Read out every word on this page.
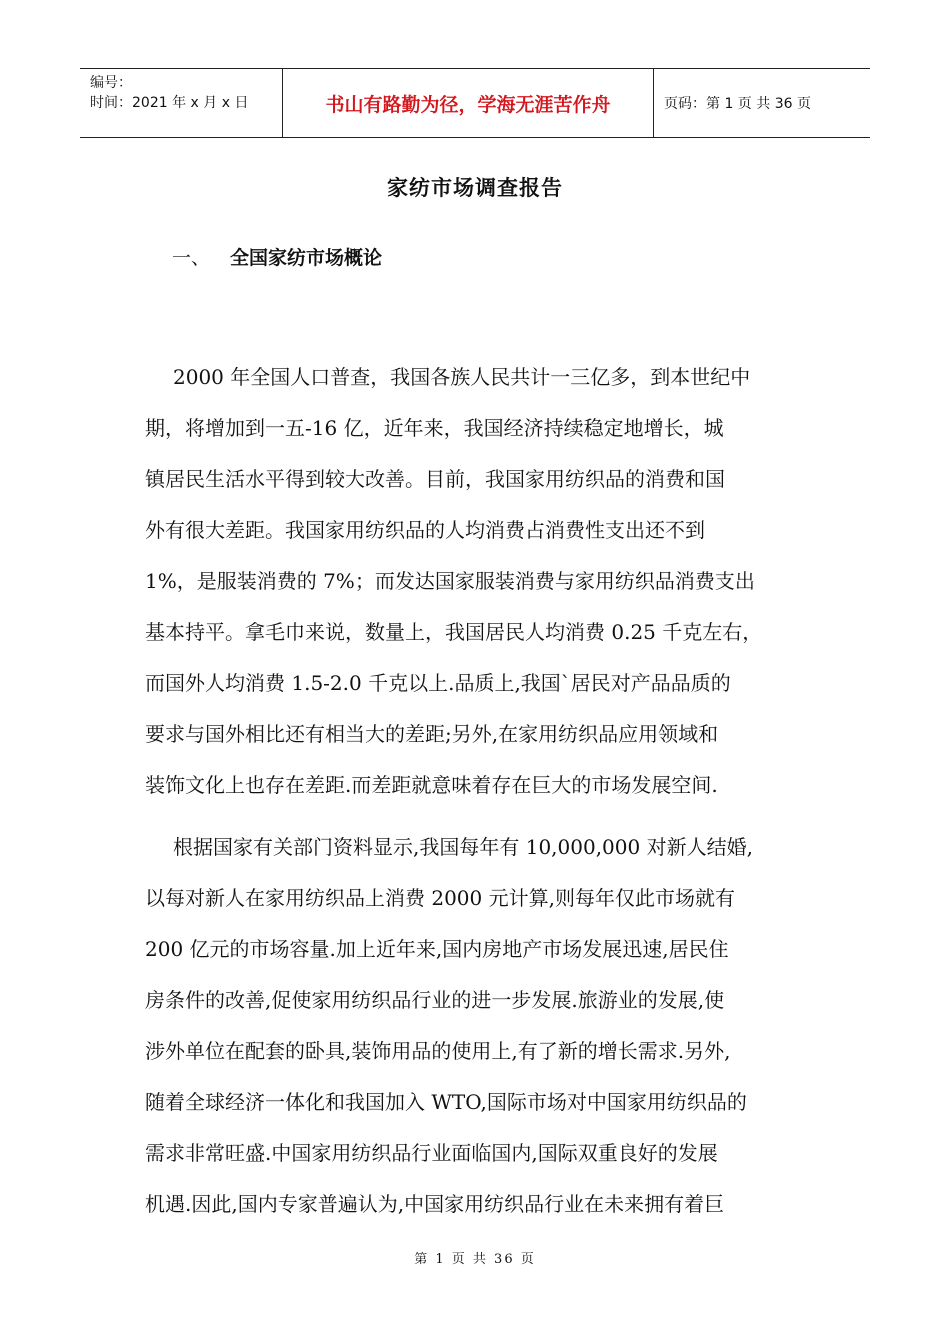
编号：
时间：2021 年 x 月 x 日	书山有路勤为径，学海无涯苦作舟	页码：第 1 页 共 36 页
家纺市场调查报告
一、	全国家纺市场概论
2000 年全国人口普查，我国各族人民共计一三亿多，到本世纪中
期，将增加到一五-16 亿，近年来，我国经济持续稳定地增长，城
镇居民生活水平得到较大改善。目前，我国家用纺织品的消费和国
外有很大差距。我国家用纺织品的人均消费占消费性支出还不到
1%，是服装消费的 7%；而发达国家服装消费与家用纺织品消费支出
基本持平。拿毛巾来说，数量上，我国居民人均消费 0.25 千克左右，
而国外人均消费 1.5-2.0 千克以上.品质上,我国`居民对产品品质的
要求与国外相比还有相当大的差距;另外,在家用纺织品应用领域和
装饰文化上也存在差距.而差距就意味着存在巨大的市场发展空间.
根据国家有关部门资料显示,我国每年有 10,000,000 对新人结婚,
以每对新人在家用纺织品上消费 2000 元计算,则每年仅此市场就有
200 亿元的市场容量.加上近年来,国内房地产市场发展迅速,居民住
房条件的改善,促使家用纺织品行业的进一步发展.旅游业的发展,使
涉外单位在配套的卧具,装饰用品的使用上,有了新的增长需求.另外,
随着全球经济一体化和我国加入 WTO,国际市场对中国家用纺织品的
需求非常旺盛.中国家用纺织品行业面临国内,国际双重良好的发展
机遇.因此,国内专家普遍认为,中国家用纺织品行业在未来拥有着巨
第 1 页 共 36 页
